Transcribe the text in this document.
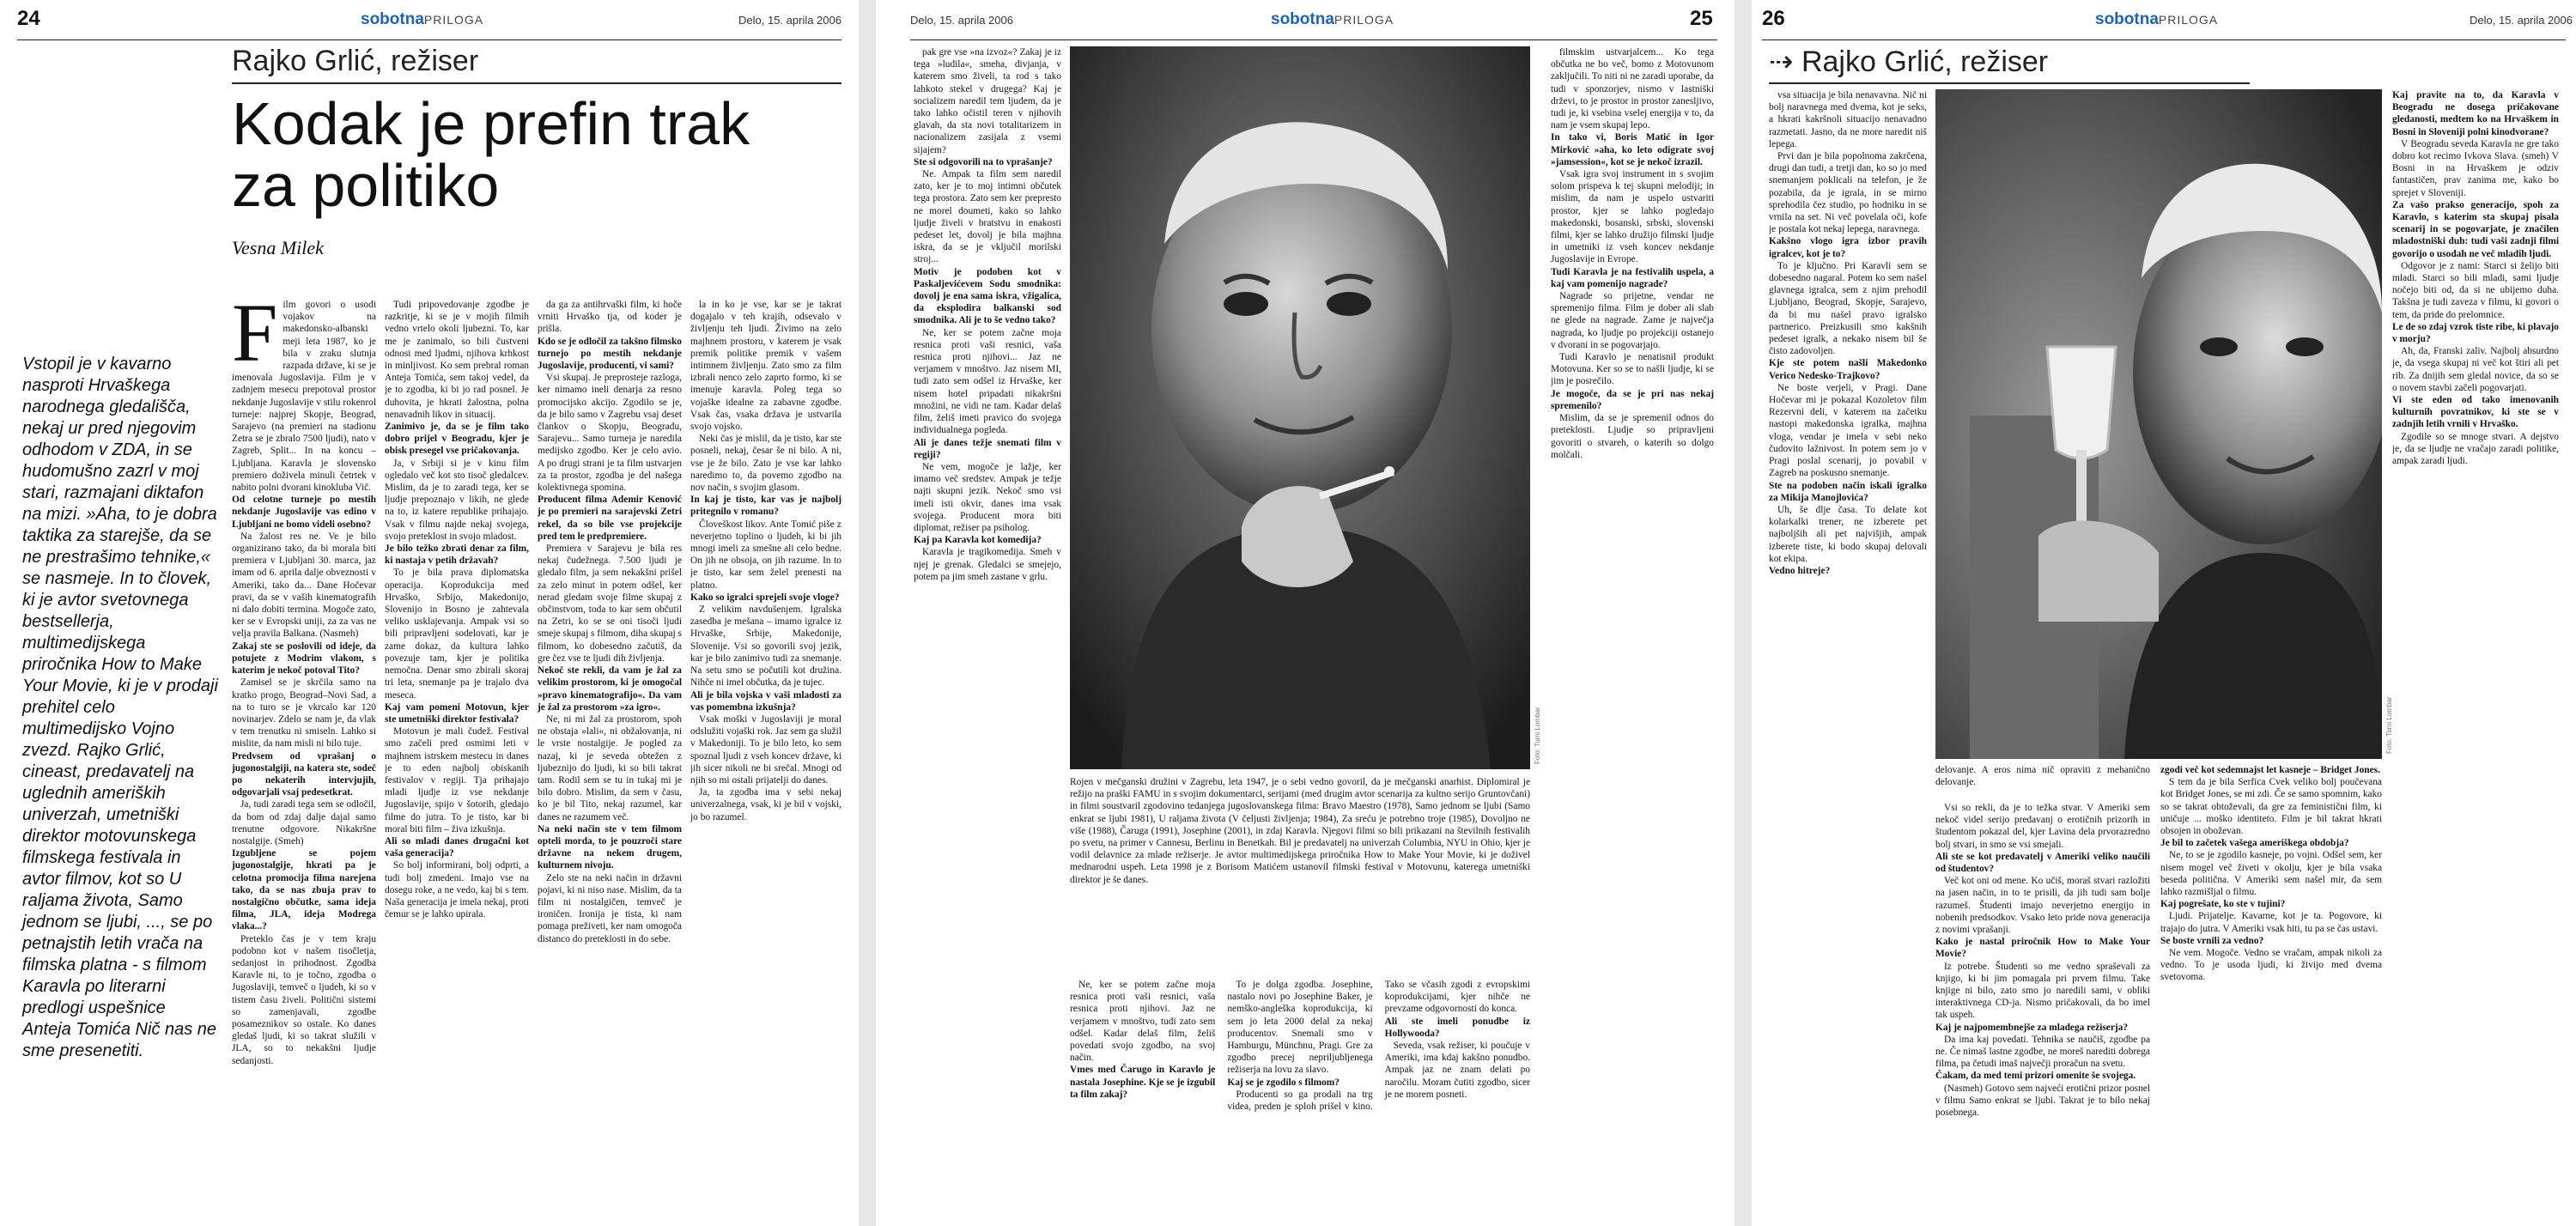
24	sobotnaPRILOGA	Delo, 15. aprila 2006
Rajko Grlić, režiser
Kodak je prefin trak za politiko
Vesna Milek
Vstopil je v kavarno nasproti Hrvaškega narodnega gledališča, nekaj ur pred njegovim odhodom v ZDA, in se hudomušno zazrl v moj stari, razmajani diktafon na mizi. »Aha, to je dobra taktika za starejše, da se ne prestrašimo tehnike,« se nasmeje. In to človek, ki je avtor svetovnega bestsellerja, multimedijskega priročnika How to Make Your Movie, ki je v prodaji prehitel celo multimedijsko Vojno zvezd. Rajko Grlić, cineast, predavatelj na uglednih ameriških univerzah, umetniški direktor motovunskega filmskega festivala in avtor filmov, kot so U raljama života, Samo jednom se ljubi, ..., se po petnajstih letih vrača na filmska platna - s filmom Karavla po literarni predlogi uspešnice Anteja Tomića Nič nas ne sme presenetiti.

Film govori o usodi vojakov na makedonsko-albanski meji leta 1987, ko je bila v zraku slutnja razpada države, ki se je imenovala Jugoslavija. Film je v zadnjem mesecu prepotoval prostor nekdanje Jugoslavije v stilu rokenrol turneje: najprej Skopje, Beograd, Sarajevo (na premieri na stadionu Zetra se je zbralo 7500 ljudi), nato v Zagreb, Split... In na koncu – Ljubljana. Karavla je slovensko premiero doživela minuli četrtek v nabito polni dvorani kinokluba Vič.

Od celotne turneje po mestih nekdanje Jugoslavije vas edino v Ljubljani ne bomo videli osebno?

Na žalost res ne. Ve je bilo organizirano tako, da bi morala biti premiera v Ljubljani 30. marca, jaz imam od 6. aprila dalje obveznosti v Ameriki, tako da... Dane Hočevar pravi, da se v vaših kinematografih ni dalo dobiti termina. Mogoče zato, ker se v Evropski uniji, za za vas ne velja pravila Balkana. (Nasmeh)

Zakaj ste se poslovili od ideje, da potujete z Modrim vlakom, s katerim je nekoč potoval Tito?

Zamisel se je skrčila samo na kratko progo, Beograd–Novi Sad, a na to turo se je vkrcalo kar 120 novinarjev. Zdelo se nam je, da vlak v tem trenutku ni smiseln. Lahko si mislite, da nam misli ni bilo tuje.

Predvsem od vprašanj o jugonostalgiji, na katera ste, sodeč po nekaterih intervjujih, odgovarjali vsaj pedesetkrat.

Ja, tudi zaradi tega sem se odločil, da bom od zdaj dalje dajal samo trenutne odgovore. Nikakršne nostalgije. (Smeh)

Izgubljene se pojem jugonostalgije, hkrati pa je celotna promocija filma narejena tako, da se nas zbuja prav to nostalgično občutke, sama ideja filma, JLA, ideja Modrega vlaka...?

Preteklo čas je v tem kraju podobno kot v našem tisočletja, sedanjost in prihodnost. Zgodba Karavle ni, to je točno, zgodba o Jugoslaviji, temveč o ljudeh, ki so v tistem času živeli. Politični sistemi so zamenjavali, zgodbe posameznikov so ostale. Ko danes gledaš ljudi, ki so takrat služili v JLA, so to nekakšni ljudje sedanjosti.

Tudi pripovedovanje zgodbe je razkritje, ki se je v mojih filmih vedno vrtelo okoli ljubezni. To, kar me je zanimalo, so bili čustveni odnosi med ljudmi, njihova krhkost in minljivost. Ko sem prebral roman Anteja Tomića, sem takoj vedel, da je to zgodba, ki bi jo rad posnel. Je duhovita, je hkrati žalostna, polna nenavadnih likov in situacij.

Zanimivo je, da se je film tako dobro prijel v Beogradu, kjer je obisk presegel vse pričakovanja.

Ja, v Srbiji si je v kinu film ogledalo več kot sto tisoč gledalcev. Mislim, da je to zaradi tega, ker se ljudje prepoznajo v likih, ne glede na to, iz katere republike prihajajo. Vsak v filmu najde nekaj svojega, svojo preteklost in svojo mladost.

Je bilo težko zbrati denar za film, ki nastaja v petih državah?

To je bila prava diplomatska operacija. Koprodukcija med Hrvaško, Srbijo, Makedonijo, Slovenijo in Bosno je zahtevala veliko usklajevanja. Ampak vsi so bili pripravljeni sodelovati, kar je zame dokaz, da kultura lahko povezuje tam, kjer je politika nemočna. Denar smo zbirali skoraj tri leta, snemanje pa je trajalo dva meseca.

Kaj vam pomeni Motovun, kjer ste umetniški direktor festivala?

Motovun je mali čudež. Festival smo začeli pred osmimi leti v majhnem istrskem mestecu in danes je to eden najbolj obiskanih festivalov v regiji. Tja prihajajo mladi ljudje iz vse nekdanje Jugoslavije, spijo v šotorih, gledajo filme do jutra. To je tisto, kar bi moral biti film – živa izkušnja.

Ali so mladi danes drugačni kot vaša generacija?

So bolj informirani, bolj odprti, a tudi bolj zmedeni. Imajo vse na dosegu roke, a ne vedo, kaj bi s tem. Naša generacija je imela nekaj, proti čemur se je lahko upirala.

da ga za antihrvaški film, ki hoče vrniti Hrvaško tja, od koder je prišla.

Kdo se je odločil za takšno filmsko turnejo po mestih nekdanje Jugoslavije, producenti, vi sami?

Vsi skupaj. Je preprosteje razloga, ker nimamo ineli denarja za resno promocijsko akcijo. Zgodilo se je, da je bilo samo v Zagrebu vsaj deset člankov o Skopju, Beogradu, Sarajevu... Samo turneja je naredila medijsko zgodbo. Ker je celo avio. A po drugi strani je ta film ustvarjen za ta prostor, zgodba je del našega kolektivnega spomina.

Producent filma Ademir Kenović je po premieri na sarajevski Zetri rekel, da so bile vse projekcije pred tem le predpremiere.

Premiera v Sarajevu je bila res nekaj čudežnega. 7.500 ljudi je gledalo film, ja sem nekakšni prišel za zelo minut in potem odšel, ker nerad gledam svoje filme skupaj z občinstvom, toda to kar sem občutil na Zetri, ko se se oni tisoči ljudi smeje skupaj s filmom, diha skupaj s filmom, ko dobesedno začutiš, da gre čez vse te ljudi dih življenja.

Nekoč ste rekli, da vam je žal za velikim prostorom, ki je omogočal »pravo kinematografijo«. Da vam je žal za prostorom »za igro«.

Ne, ni mi žal za prostorom, spoh ne obstaja »lali«, ni obžalovanja, ni le vrste nostalgije. Je pogled za nazaj, ki je seveda obtežen z ljubeznijo do ljudi, ki so bili takrat tam. Rodil sem se tu in tukaj mi je bilo dobro. Mislim, da sem v času, ko je bil Tito, nekaj razumel, kar danes ne razumem več.

Na neki način ste v tem filmom opteli morda, to je pouzroči stare državne na nekem drugem, kulturnem nivoju.

Zelo ste na neki način in državni pojavi, ki ni niso nase. Mislim, da ta film ni nostalgičen, temveč je ironičen. Ironija je tista, ki nam pomaga preživeti, ker nam omogoča distanco do preteklosti in do sebe.

la in ko je vse, kar se je takrat dogajalo v teh krajih, odsevalo v življenju teh ljudi. Živimo na zelo majhnem prostoru, v katerem je vsak premik politike premik v vašem intimnem življenju. Zato smo za film izbrali nenco zelo zaprto formo, ki se imenuje karavla. Poleg tega so vojaške idealne za zabavne zgodbe. Vsak čas, vsaka država je ustvarila svojo vojsko.

Neki čas je mislil, da je tisto, kar ste posneli, nekaj, česar še ni bilo. A ni, vse je že bilo. Zato je vse kar lahko naredimo to, da povemo zgodbo na nov način, s svojim glasom.

In kaj je tisto, kar vas je najbolj pritegnilo v romanu?

Človeškost likov. Ante Tomić piše z neverjetno toplino o ljudeh, ki bi jih mnogi imeli za smešne ali celo bedne. On jih ne obsoja, on jih razume. In to je tisto, kar sem želel prenesti na platno.

Kako so igralci sprejeli svoje vloge?

Z velikim navdušenjem. Igralska zasedba je mešana – imamo igralce iz Hrvaške, Srbije, Makedonije, Slovenije. Vsi so govorili svoj jezik, kar je bilo zanimivo tudi za snemanje. Na setu smo se počutili kot družina. Nihče ni imel občutka, da je tujec.

Ali je bila vojska v vaši mladosti za vas pomembna izkušnja?

Vsak moški v Jugoslaviji je moral odslužiti vojaški rok. Jaz sem ga služil v Makedoniji. To je bilo leto, ko sem spoznal ljudi z vseh koncev države, ki jih sicer nikoli ne bi srečal. Mnogi od njih so mi ostali prijatelji do danes.

Ja, ta zgodba ima v sebi nekaj univerzalnega, vsak, ki je bil v vojski, jo bo razumel.

Delo, 15. aprila 2006	sobotnaPRILOGA	25

pak gre vse »na izvoz«? Zakaj je iz tega »ludila«, smeha, divjanja, v katerem smo živeli, ta rod s tako lahkoto stekel v drugega? Kaj je socializem naredil tem ljudem, da je tako lahko očistil teren v njihovih glavah, da sta novi totalitarizem in nacionalizem zasijala z vsemi sijajem?

Ste si odgovorili na to vprašanje?

Ne. Ampak ta film sem naredil zato, ker je to moj intimni občutek tega prostora. Zato sem ker prepresto ne morel doumeti, kako so lahko ljudje živeli v bratstvu in enakosti pedeset let, dovolj je bila majhna iskra, da se je vključil morilski stroj...

Motiv je podoben kot v Paskaljevićevem Sodu smodnika: dovolj je ena sama iskra, vžigalica, da eksplodira balkanski sod smodnika. Ali je to še vedno tako?

Ne, ker se potem začne moja resnica proti vaši resnici, vaša resnica proti njihovi... Jaz ne verjamem v mnoštvo. Jaz nisem MI, tudi zato sem odšel iz Hrvaške, ker nisem hotel pripadati nikakršni množini, ne vidi ne tam. Kadar delaš film, želiš imeti pravico do svojega individualnega pogleda.

Ali je danes težje snemati film v regiji?

Ne vem, mogoče je lažje, ker imamo več sredstev. Ampak je težje najti skupni jezik. Nekoč smo vsi imeli isti okvir, danes ima vsak svojega. Producent mora biti diplomat, režiser pa psiholog.

Kaj pa Karavla kot komedija?

Karavla je tragikomedija. Smeh v njej je grenak. Gledalci se smejejo, potem pa jim smeh zastane v grlu.

Foto: Tomi Lombar

filmskim ustvarjalcem... Ko tega občutka ne bo več, bomo z Motovunom zaključili. To niti ni ne zaradi uporabe, da tudi v sponzorjev, nismo v lastniški drževi, to je prostor in prostor zanesljivo, tudi je, ki vsebina vselej energija v to, da nam je vsem skupaj lepo.

In tako vi, Boris Matić in Igor Mirković »aha, ko leto odigrate svoj »jamsession«, kot se je nekoč izrazil.

Vsak igra svoj instrument in s svojim solom prispeva k tej skupni melodiji; in mislim, da nam je uspelo ustvariti prostor, kjer se lahko pogledajo makedonski, bosanski, srbski, slovenski filmi, kjer se lahko družijo filmski ljudje in umetniki iz vseh koncev nekdanje Jugoslavije in Evrope.

Tudi Karavla je na festivalih uspela, a kaj vam pomenijo nagrade?

Nagrade so prijetne, vendar ne spremenijo filma. Film je dober ali slab ne glede na nagrade. Zame je največja nagrada, ko ljudje po projekciji ostanejo v dvorani in se pogovarjajo.

Tudi Karavlo je nenatisnil produkt Motovuna. Ker so se to našli ljudje, ki se jim je posrečilo.

Je mogoče, da se je pri nas nekaj spremenilo?

Mislim, da se je spremenil odnos do preteklosti. Ljudje so pripravljeni govoriti o stvareh, o katerih so dolgo molčali.

Rojen v mečganski družini v Zagrebu, leta 1947, je o sebi vedno govoril, da je mečganski anarhist. Diplomiral je režijo na praški FAMU in s svojim dokumentarci, serijami (med drugim avtor scenarija za kultno serijo Gruntovčani) in filmi soustvaril zgodovino tedanjega jugoslovanskega filma: Bravo Maestro (1978), Samo jednom se ljubi (Samo enkrat se ljubi 1981), U raljama života (V čeljusti življenja; 1984), Za sreću je potrebno troje (1985), Dovoljno ne više (1988), Čaruga (1991), Josephine (2001), in zdaj Karavla. Njegovi filmi so bili prikazani na številnih festivalih po svetu, na primer v Cannesu, Berlinu in Benetkah. Bil je predavatelj na univerzah Columbia, NYU in Ohio, kjer je vodil delavnice za mlade režiserje. Je avtor multimedijskega priročnika How to Make Your Movie, ki je doživel mednarodni uspeh. Leta 1998 je z Borisom Matićem ustanovil filmski festival v Motovunu, katerega umetniški direktor je še danes.

Ne, ker se potem začne moja resnica proti vaši resnici, vaša resnica proti njihovi. Jaz ne verjamem v mnoštvo, tudi zato sem odšel. Kadar delaš film, želiš povedati svojo zgodbo, na svoj način.

Vmes med Čarugo in Karavlo je nastala Josephine. Kje se je izgubil ta film zakaj?

To je dolga zgodba. Josephine, nastalo novi po Josephine Baker, je nemško-angleška koprodukcija, ki sem jo leta 2000 delal za nekaj producentov. Snemali smo v Hamburgu, Münchnu, Pragi. Gre za zgodbo precej nepriljubljenega režiserja na lovu za slavo.

Kaj se je zgodilo s filmom?

Producenti so ga prodali na trg videa, preden je sploh prišel v kino. Tako se včasih zgodi z evropskimi koprodukcijami, kjer nihče ne prevzame odgovornosti do konca.

Ali ste imeli ponudbe iz Hollywooda?

Seveda, vsak režiser, ki poučuje v Ameriki, ima kdaj kakšno ponudbo. Ampak jaz ne znam delati po naročilu. Moram čutiti zgodbo, sicer je ne morem posneti.

26	sobotnaPRILOGA	Delo, 15. aprila 2006
⇢ Rajko Grlić, režiser

vsa situacija je bila nenavavna. Nič ni bolj naravnega med dvema, kot je seks, a hkrati kakršnoli situacijo nenavadno razmetati. Jasno, da ne more naredit niš lepega.

Prvi dan je bila popolnoma zakrčena, drugi dan tudi, a tretji dan, ko so jo med snemanjem poklicali na telefon, je že pozabila, da je igrala, in se mirno sprehodila čez studio, po hodniku in se vrnila na set. Ni več povelala oči, kofe je postala kot nekaj lepega, naravnega.

Kakšno vlogo igra izbor pravih igralcev, kot je to?

To je ključno. Pri Karavli sem se dobesedno nagaral. Potem ko sem našel glavnega igralca, sem z njim prehodil Ljubljano, Beograd, Skopje, Sarajevo, da bi mu našel pravo igralsko partnerico. Preizkusili smo kakšnih pedeset igralk, a nekako nisem bil še čisto zadovoljen.

Kje ste potem našli Makedonko Verico Nedesko-Trajkovo?

Ne boste verjeli, v Pragi. Dane Hočevar mi je pokazal Kozoletov film Rezervni deli, v katerem na začetku nastopi makedonska igralka, majhna vloga, vendar je imela v sebi neko čudovito lažnivost. In potem sem jo v Pragi poslal scenarij, jo povabil v Zagreb na poskusno snemanje.

Ste na podoben način iskali igralko za Mikija Manojlovića?

Uh, še dlje časa. To delate kot kolarkalki trener, ne izberete pet najboljših ali pet najvišjih, ampak izberete tiste, ki bodo skupaj delovali kot ekipa.

Vedno hitreje?

Foto: Tomi Lombar

Kaj pravite na to, da Karavla v Beogradu ne dosega pričakovane gledanosti, medtem ko na Hrvaškem in Bosni in Sloveniji polni kinodvorane?

V Beogradu seveda Karavla ne gre tako dobro kot recimo Ivkova Slava. (smeh) V Bosni in na Hrvaškem je odziv fantastičen, prav zanima me, kako bo sprejet v Sloveniji.

Za vašo prakso generacijo, spoh za Karavlo, s katerim sta skupaj pisala scenarij in se pogovarjate, je značilen mladostniški duh: tudi vaši zadnji filmi govorijo o usodah ne več mladih ljudi.

Odgovor je z nami: Starci si želijo biti mladi. Starci so bili mladi, sami ljudje nočejo biti od, da si ne ubijemo duha. Takšna je tudi zaveza v filmu, ki govori o tem, da pride do prelomnice.

Le de so zdaj vzrok tiste ribe, ki plavajo v morju?

Ah, da, Franski zaliv. Najbolj absurdno je, da vsega skupaj ni več kot štiri ali pet rib. Za dnijih sem gledal novice, da so se o novem stavbi začeli pogovarjati.

Vi ste eden od tako imenovanih kulturnih povratnikov, ki ste se v zadnjih letih vrnili v Hrvaško.

Zgodile so se mnoge stvari. A dejstvo je, da se ljudje ne vračajo zaradi politike, ampak zaradi ljudi.

delovanje. A eros nima nič opraviti z mehanično delovanje.

Vsi so rekli, da je to težka stvar. V Ameriki sem nekoč videl serijo predavanj o erotičnih prizorih in študentom pokazal del, kjer Lavina dela prvorazredno bolj stvari, in smo se vsi smejali.

Ali ste se kot predavatelj v Ameriki veliko naučili od študentov?

Več kot oni od mene. Ko učiš, moraš stvari razložiti na jasen način, in to te prisili, da jih tudi sam bolje razumeš. Študenti imajo neverjetno energijo in nobenih predsodkov. Vsako leto pride nova generacija z novimi vprašanji.

Kako je nastal priročnik How to Make Your Movie?

Iz potrebe. Študenti so me vedno spraševali za knjigo, ki bi jim pomagala pri prvem filmu. Take knjige ni bilo, zato smo jo naredili sami, v obliki interaktivnega CD-ja. Nismo pričakovali, da bo imel tak uspeh.

Kaj je najpomembnejše za mladega režiserja?

Da ima kaj povedati. Tehnika se naučiš, zgodbe pa ne. Če nimaš lastne zgodbe, ne moreš narediti dobrega filma, pa četudi imaš največji proračun na svetu.

Čakam, da med temi prizori omenite še svojega.

(Nasmeh) Gotovo sem najveći erotični prizor posnel v filmu Samo enkrat se ljubi. Takrat je to bilo nekaj posebnega.

zgodi več kot sedemnajst let kasneje – Bridget Jones.

S tem da je bila Serfica Cvek veliko bolj poučevana kot Bridget Jones, se mi zdi. Če se samo spomnim, kako so se takrat obtoževali, da gre za feministični film, ki uničuje ... moško identiteto. Film je bil takrat hkrati obsojen in oboževan.

Je bil to začetek vašega ameriškega obdobja?

Ne, to se je zgodilo kasneje, po vojni. Odšel sem, ker nisem mogel več živeti v okolju, kjer je bila vsaka beseda politična. V Ameriki sem našel mir, da sem lahko razmišljal o filmu.

Kaj pogrešate, ko ste v tujini?

Ljudi. Prijatelje. Kavarne, kot je ta. Pogovore, ki trajajo do jutra. V Ameriki vsak hiti, tu pa se čas ustavi.

Se boste vrnili za vedno?

Ne vem. Mogoče. Vedno se vračam, ampak nikoli za vedno. To je usoda ljudi, ki živijo med dvema svetovoma.
